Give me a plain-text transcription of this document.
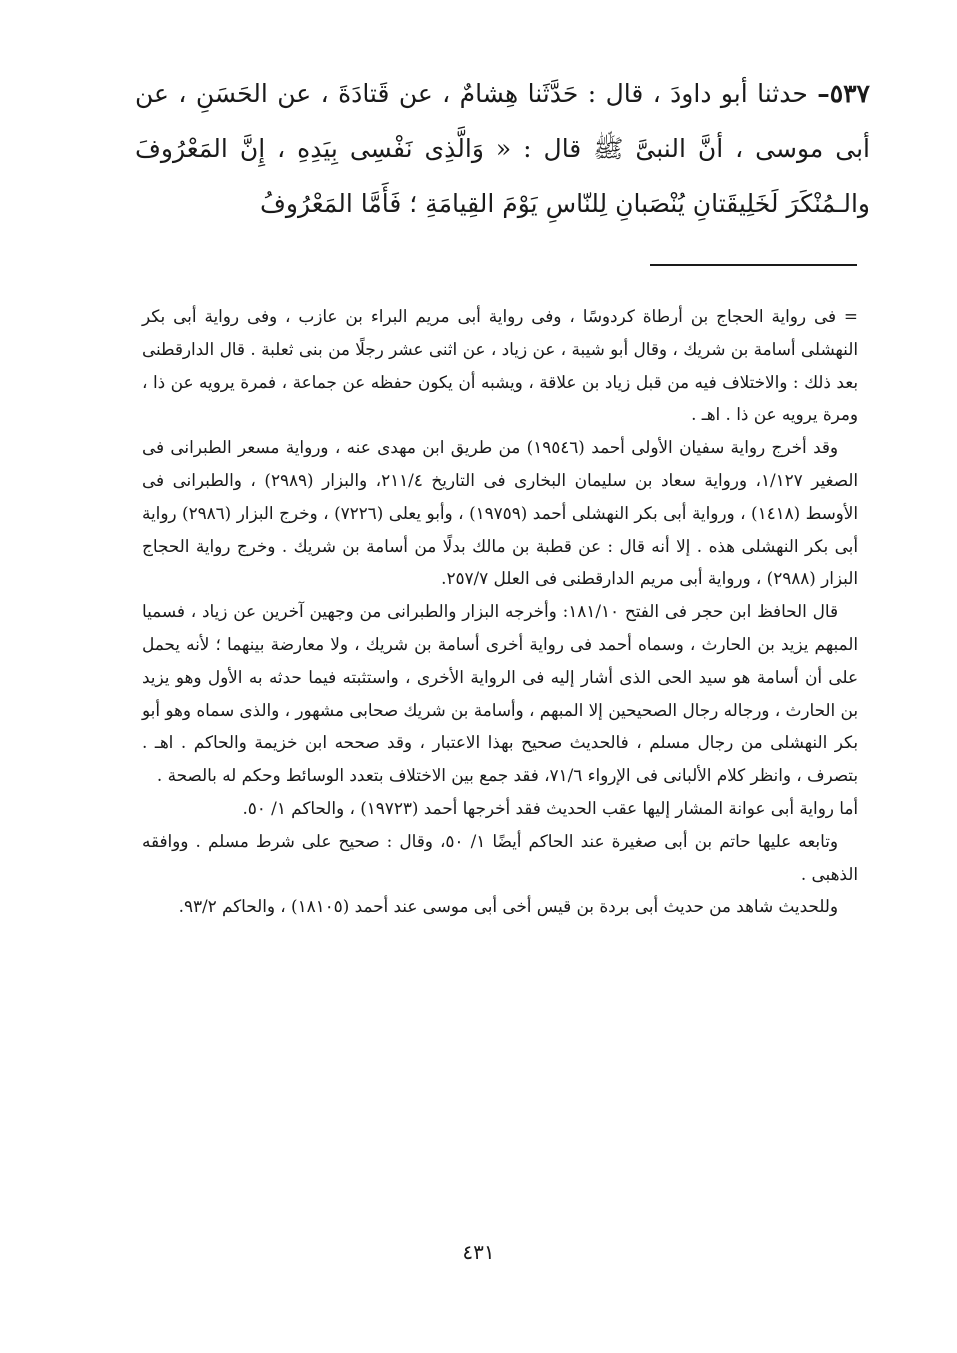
٥٣٧– حدثنا أبو داودَ ، قال : حَدَّثَنا هِشامٌ ، عن قَتادَةَ ، عن الحَسَنِ ، عن أبى موسى ، أنَّ النبىَّ ﷺ قال : « وَالَّذِى نَفْسِى بِيَدِهِ ، إِنَّ المَعْرُوفَ والـمُنْكَرَ لَخَلِيقَتانِ يُنْصَبانِ لِلنّاسِ يَوْمَ القِيامَةِ ؛ فَأَمَّا المَعْرُوفُ

= فى رواية الحجاج بن أرطاة كردوسًا ، وفى رواية أبى مريم البراء بن عازب ، وفى رواية أبى بكر النهشلى أسامة بن شريك ، وقال أبو شيبة ، عن زياد ، عن اثنى عشر رجلًا من بنى ثعلبة . قال الدارقطنى بعد ذلك : والاختلاف فيه من قبل زياد بن علاقة ، ويشبه أن يكون حفظه عن جماعة ، فمرة يرويه عن ذا ، ومرة يرويه عن ذا . اهـ .

وقد أخرج رواية سفيان الأولى أحمد (١٩٥٤٦) من طريق ابن مهدى عنه ، ورواية مسعر الطبرانى فى الصغير ١/١٢٧، ورواية سعاد بن سليمان البخارى فى التاريخ ٢١١/٤، والبزار (٢٩٨٩) ، والطبرانى فى الأوسط (١٤١٨) ، ورواية أبى بكر النهشلى أحمد (١٩٧٥٩) ، وأبو يعلى (٧٢٢٦) ، وخرج البزار (٢٩٨٦) رواية أبى بكر النهشلى هذه . إلا أنه قال : عن قطبة بن مالك بدلًا من أسامة بن شريك . وخرج رواية الحجاج البزار (٢٩٨٨) ، ورواية أبى مريم الدارقطنى فى العلل ٢٥٧/٧.

قال الحافظ ابن حجر فى الفتح ١٨١/١٠: وأخرجه البزار والطبرانى من وجهين آخرين عن زياد ، فسميا المبهم يزيد بن الحارث ، وسماه أحمد فى رواية أخرى أسامة بن شريك ، ولا معارضة بينهما ؛ لأنه يحمل على أن أسامة هو سيد الحى الذى أشار إليه فى الرواية الأخرى ، واستثبته فيما حدثه به الأول وهو يزيد بن الحارث ، ورجاله رجال الصحيحين إلا المبهم ، وأسامة بن شريك صحابى مشهور ، والذى سماه وهو أبو بكر النهشلى من رجال مسلم ، فالحديث صحيح بهذا الاعتبار ، وقد صححه ابن خزيمة والحاكم . اهـ . بتصرف ، وانظر كلام الألبانى فى الإرواء ٧١/٦، فقد جمع بين الاختلاف بتعدد الوسائط وحكم له بالصحة .

أما رواية أبى عوانة المشار إليها عقب الحديث فقد أخرجها أحمد (١٩٧٢٣) ، والحاكم ١/ ٥٠.

وتابعه عليها حاتم بن أبى صغيرة عند الحاكم أيضًا ١/ ٥٠، وقال : صحيح على شرط مسلم . ووافقه الذهبى .

وللحديث شاهد من حديث أبى بردة بن قيس أخى أبى موسى عند أحمد (١٨١٠٥) ، والحاكم ٩٣/٢.

٤٣١
